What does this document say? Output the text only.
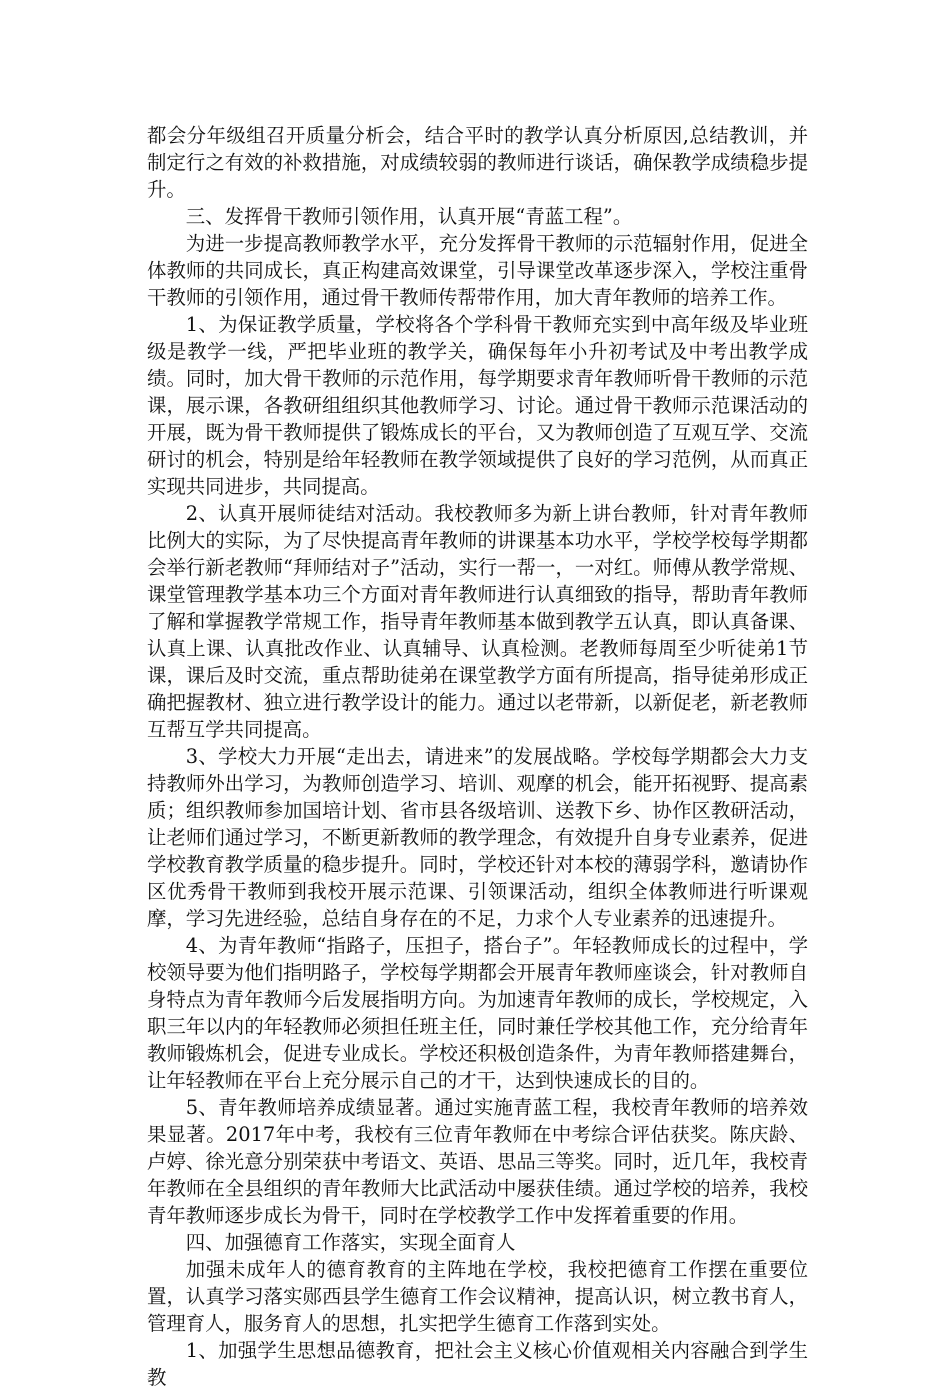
都会分年级组召开质量分析会，结合平时的教学认真分析原因,总结教训，并制定行之有效的补救措施，对成绩较弱的教师进行谈话，确保教学成绩稳步提升。

三、发挥骨干教师引领作用，认真开展“青蓝工程”。

为进一步提高教师教学水平，充分发挥骨干教师的示范辐射作用，促进全体教师的共同成长，真正构建高效课堂，引导课堂改革逐步深入，学校注重骨干教师的引领作用，通过骨干教师传帮带作用，加大青年教师的培养工作。

1、为保证教学质量，学校将各个学科骨干教师充实到中高年级及毕业班级是教学一线，严把毕业班的教学关，确保每年小升初考试及中考出教学成绩。同时，加大骨干教师的示范作用，每学期要求青年教师听骨干教师的示范课，展示课，各教研组组织其他教师学习、讨论。通过骨干教师示范课活动的开展，既为骨干教师提供了锻炼成长的平台，又为教师创造了互观互学、交流研讨的机会，特别是给年轻教师在教学领域提供了良好的学习范例，从而真正实现共同进步，共同提高。

2、认真开展师徒结对活动。我校教师多为新上讲台教师，针对青年教师比例大的实际，为了尽快提高青年教师的讲课基本功水平，学校学校每学期都会举行新老教师“拜师结对子”活动，实行一帮一，一对红。师傅从教学常规、课堂管理教学基本功三个方面对青年教师进行认真细致的指导，帮助青年教师了解和掌握教学常规工作，指导青年教师基本做到教学五认真，即认真备课、认真上课、认真批改作业、认真辅导、认真检测。老教师每周至少听徒弟1节课，课后及时交流，重点帮助徒弟在课堂教学方面有所提高，指导徒弟形成正确把握教材、独立进行教学设计的能力。通过以老带新，以新促老，新老教师互帮互学共同提高。

3、学校大力开展“走出去，请进来”的发展战略。学校每学期都会大力支持教师外出学习，为教师创造学习、培训、观摩的机会，能开拓视野、提高素质；组织教师参加国培计划、省市县各级培训、送教下乡、协作区教研活动，让老师们通过学习，不断更新教师的教学理念，有效提升自身专业素养，促进学校教育教学质量的稳步提升。同时，学校还针对本校的薄弱学科，邀请协作区优秀骨干教师到我校开展示范课、引领课活动，组织全体教师进行听课观摩，学习先进经验，总结自身存在的不足，力求个人专业素养的迅速提升。

4、为青年教师“指路子，压担子，搭台子”。年轻教师成长的过程中，学校领导要为他们指明路子，学校每学期都会开展青年教师座谈会，针对教师自身特点为青年教师今后发展指明方向。为加速青年教师的成长，学校规定，入职三年以内的年轻教师必须担任班主任，同时兼任学校其他工作，充分给青年教师锻炼机会，促进专业成长。学校还积极创造条件，为青年教师搭建舞台，让年轻教师在平台上充分展示自己的才干，达到快速成长的目的。

5、青年教师培养成绩显著。通过实施青蓝工程，我校青年教师的培养效果显著。2017年中考，我校有三位青年教师在中考综合评估获奖。陈庆龄、卢婷、徐光意分别荣获中考语文、英语、思品三等奖。同时，近几年，我校青年教师在全县组织的青年教师大比武活动中屡获佳绩。通过学校的培养，我校青年教师逐步成长为骨干，同时在学校教学工作中发挥着重要的作用。

四、加强德育工作落实，实现全面育人

加强未成年人的德育教育的主阵地在学校，我校把德育工作摆在重要位置，认真学习落实郧西县学生德育工作会议精神，提高认识，树立教书育人，管理育人，服务育人的思想，扎实把学生德育工作落到实处。

1、加强学生思想品德教育，把社会主义核心价值观相关内容融合到学生教
